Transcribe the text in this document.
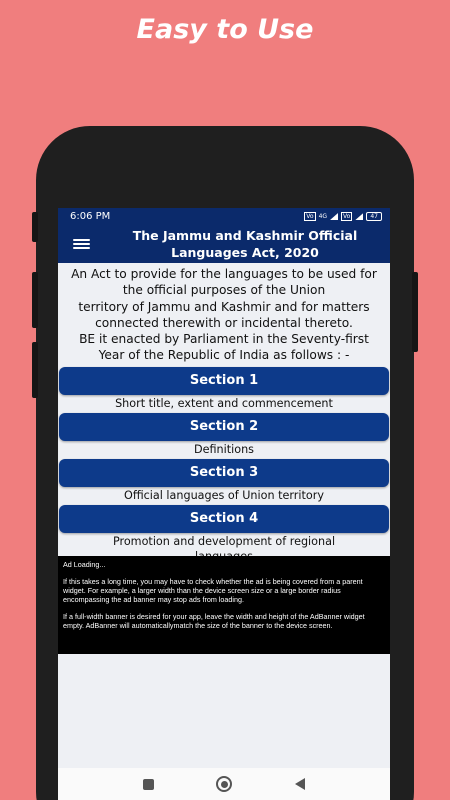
Easy to Use
6:06 PM	Vo 4G	Vo	47
The Jammu and Kashmir Official Languages Act, 2020
An Act to provide for the languages to be used for
the official purposes of the Union
territory of Jammu and Kashmir and for matters
connected therewith or incidental thereto.
BE it enacted by Parliament in the Seventy-first
Year of the Republic of India as follows : -
Section 1
Short title, extent and commencement
Section 2
Definitions
Section 3
Official languages of Union territory
Section 4
Promotion and development of regional

Ad Loading...

If this takes a long time, you may have to check whether the ad is being covered from a parent widget. For example, a larger width than the device screen size or a large border radius encompassing the ad banner may stop ads from loading.

If a full-width banner is desired for your app, leave the width and height of the AdBanner widget empty. AdBanner will automaticallymatch the size of the banner to the device screen.
